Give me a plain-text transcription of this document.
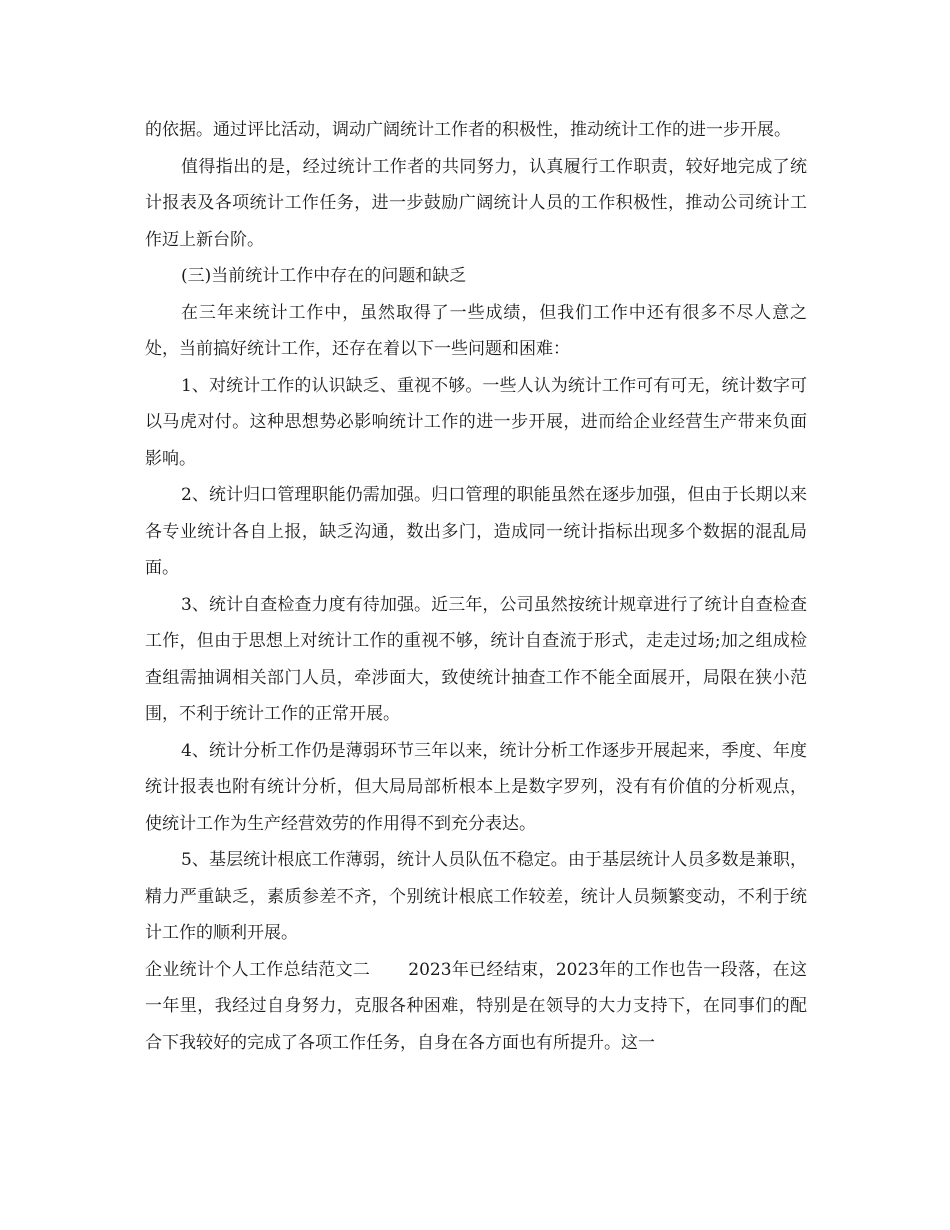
的依据。通过评比活动，调动广阔统计工作者的积极性，推动统计工作的进一步开展。

值得指出的是，经过统计工作者的共同努力，认真履行工作职责，较好地完成了统计报表及各项统计工作任务，进一步鼓励广阔统计人员的工作积极性，推动公司统计工作迈上新台阶。

(三)当前统计工作中存在的问题和缺乏

在三年来统计工作中，虽然取得了一些成绩，但我们工作中还有很多不尽人意之处，当前搞好统计工作，还存在着以下一些问题和困难：

1、对统计工作的认识缺乏、重视不够。一些人认为统计工作可有可无，统计数字可以马虎对付。这种思想势必影响统计工作的进一步开展，进而给企业经营生产带来负面影响。

2、统计归口管理职能仍需加强。归口管理的职能虽然在逐步加强，但由于长期以来各专业统计各自上报，缺乏沟通，数出多门，造成同一统计指标出现多个数据的混乱局面。

3、统计自查检查力度有待加强。近三年，公司虽然按统计规章进行了统计自查检查工作，但由于思想上对统计工作的重视不够，统计自查流于形式，走走过场;加之组成检查组需抽调相关部门人员，牵涉面大，致使统计抽查工作不能全面展开，局限在狭小范围，不利于统计工作的正常开展。

4、统计分析工作仍是薄弱环节三年以来，统计分析工作逐步开展起来，季度、年度统计报表也附有统计分析，但大局局部析根本上是数字罗列，没有有价值的分析观点，使统计工作为生产经营效劳的作用得不到充分表达。

5、基层统计根底工作薄弱，统计人员队伍不稳定。由于基层统计人员多数是兼职，精力严重缺乏，素质参差不齐，个别统计根底工作较差，统计人员频繁变动，不利于统计工作的顺利开展。

企业统计个人工作总结范文二 2023年已经结束，2023年的工作也告一段落，在这一年里，我经过自身努力，克服各种困难，特别是在领导的大力支持下，在同事们的配合下我较好的完成了各项工作任务，自身在各方面也有所提升。这一
